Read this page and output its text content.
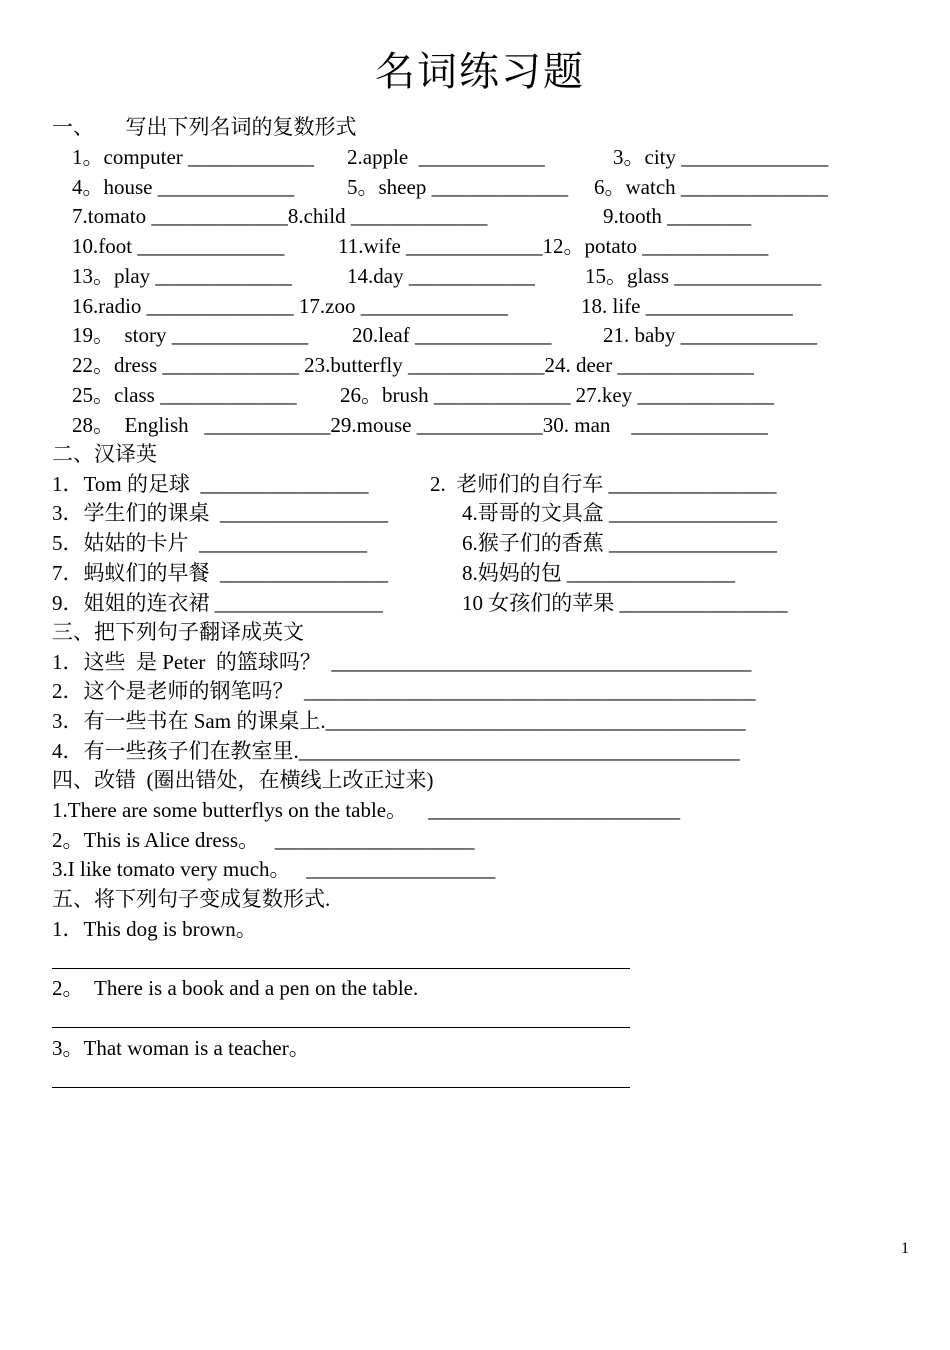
名词练习题
一、      写出下列名词的复数形式
1。computer ____________ 2.apple  ____________	3。city ______________
4。house _____________	5。sheep _____________ 6。watch ______________
7.tomato _____________8.child _____________	9.tooth ________
10.foot ______________	11.wife _____________12。potato ____________
13。play _____________	14.day ____________ 15。glass ______________
16.radio ______________ 17.zoo ______________	18. life ______________
19。  story _____________ 20.leaf _____________ 21. baby _____________
22。dress _____________ 23.butterfly _____________24. deer _____________
25。class _____________ 26。brush _____________ 27.key _____________
28。  English   ____________29.mouse ____________30. man    _____________
二、汉译英
1．Tom 的足球  ________________	2.  老师们的自行车 ________________
3．学生们的课桌  ________________	4.哥哥的文具盒 ________________
5．姑姑的卡片  ________________	6.猴子们的香蕉 ________________
7．蚂蚁们的早餐  ________________	8.妈妈的包 ________________
9．姐姐的连衣裙 ________________	10 女孩们的苹果 ________________
三、把下列句子翻译成英文
1．这些  是 Peter  的篮球吗？  ________________________________________
2．这个是老师的钢笔吗？  ___________________________________________
3．有一些书在 Sam 的课桌上.________________________________________
4．有一些孩子们在教室里.__________________________________________
四、改错  (圈出错处，在横线上改正过来)
1.There are some butterflys on the table。    ________________________
2。This is Alice dress。   ___________________
3.I like tomato very much。   __________________
五、将下列句子变成复数形式.
1．This dog is brown。
2。  There is a book and a pen on the table.
3。That woman is a teacher。
1
